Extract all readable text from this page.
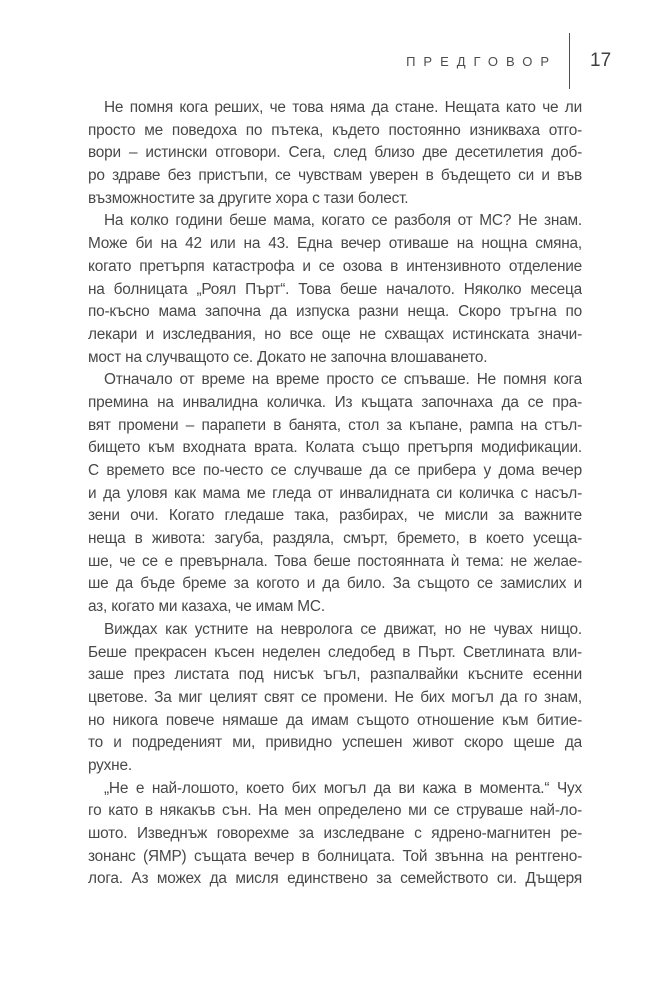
ПРЕДГОВОР 17
Не помня кога реших, че това няма да стане. Нещата като че ли
просто ме поведоха по пътека, където постоянно изникваха отго-
вори – истински отговори. Сега, след близо две десетилетия доб-
ро здраве без пристъпи, се чувствам уверен в бъдещето си и във
възможностите за другите хора с тази болест.
На колко години беше мама, когато се разболя от МС? Не знам.
Може би на 42 или на 43. Една вечер отиваше на нощна смяна,
когато претърпя катастрофа и се озова в интензивното отделение
на болницата „Роял Пърт“. Това беше началото. Няколко месеца
по-късно мама започна да изпуска разни неща. Скоро тръгна по
лекари и изследвания, но все още не схващах истинската значи-
мост на случващото се. Докато не започна влошаването.
Отначало от време на време просто се спъваше. Не помня кога
премина на инвалидна количка. Из къщата започнаха да се пра-
вят промени – парапети в банята, стол за къпане, рампа на стъл-
бището към входната врата. Колата също претърпя модификации.
С времето все по-често се случваше да се прибера у дома вечер
и да уловя как мама ме гледа от инвалидната си количка с насъл-
зени очи. Когато гледаше така, разбирах, че мисли за важните
неща в живота: загуба, раздяла, смърт, бремето, в което усеща-
ше, че се е превърнала. Това беше постоянната ѝ тема: не желае-
ше да бъде бреме за когото и да било. За същото се замислих и
аз, когато ми казаха, че имам МС.
Виждах как устните на невролога се движат, но не чувах нищо.
Беше прекрасен късен неделен следобед в Пърт. Светлината вли-
заше през листата под нисък ъгъл, разпалвайки късните есенни
цветове. За миг целият свят се промени. Не бих могъл да го знам,
но никога повече нямаше да имам същото отношение към битие-
то и подреденият ми, привидно успешен живот скоро щеше да
рухне.
„Не е най-лошото, което бих могъл да ви кажа в момента.“ Чух
го като в някакъв сън. На мен определено ми се струваше най-ло-
шото. Изведнъж говорехме за изследване с ядрено-магнитен ре-
зонанс (ЯМР) същата вечер в болницата. Той звънна на рентгено-
лога. Аз можех да мисля единствено за семейството си. Дъщеря
